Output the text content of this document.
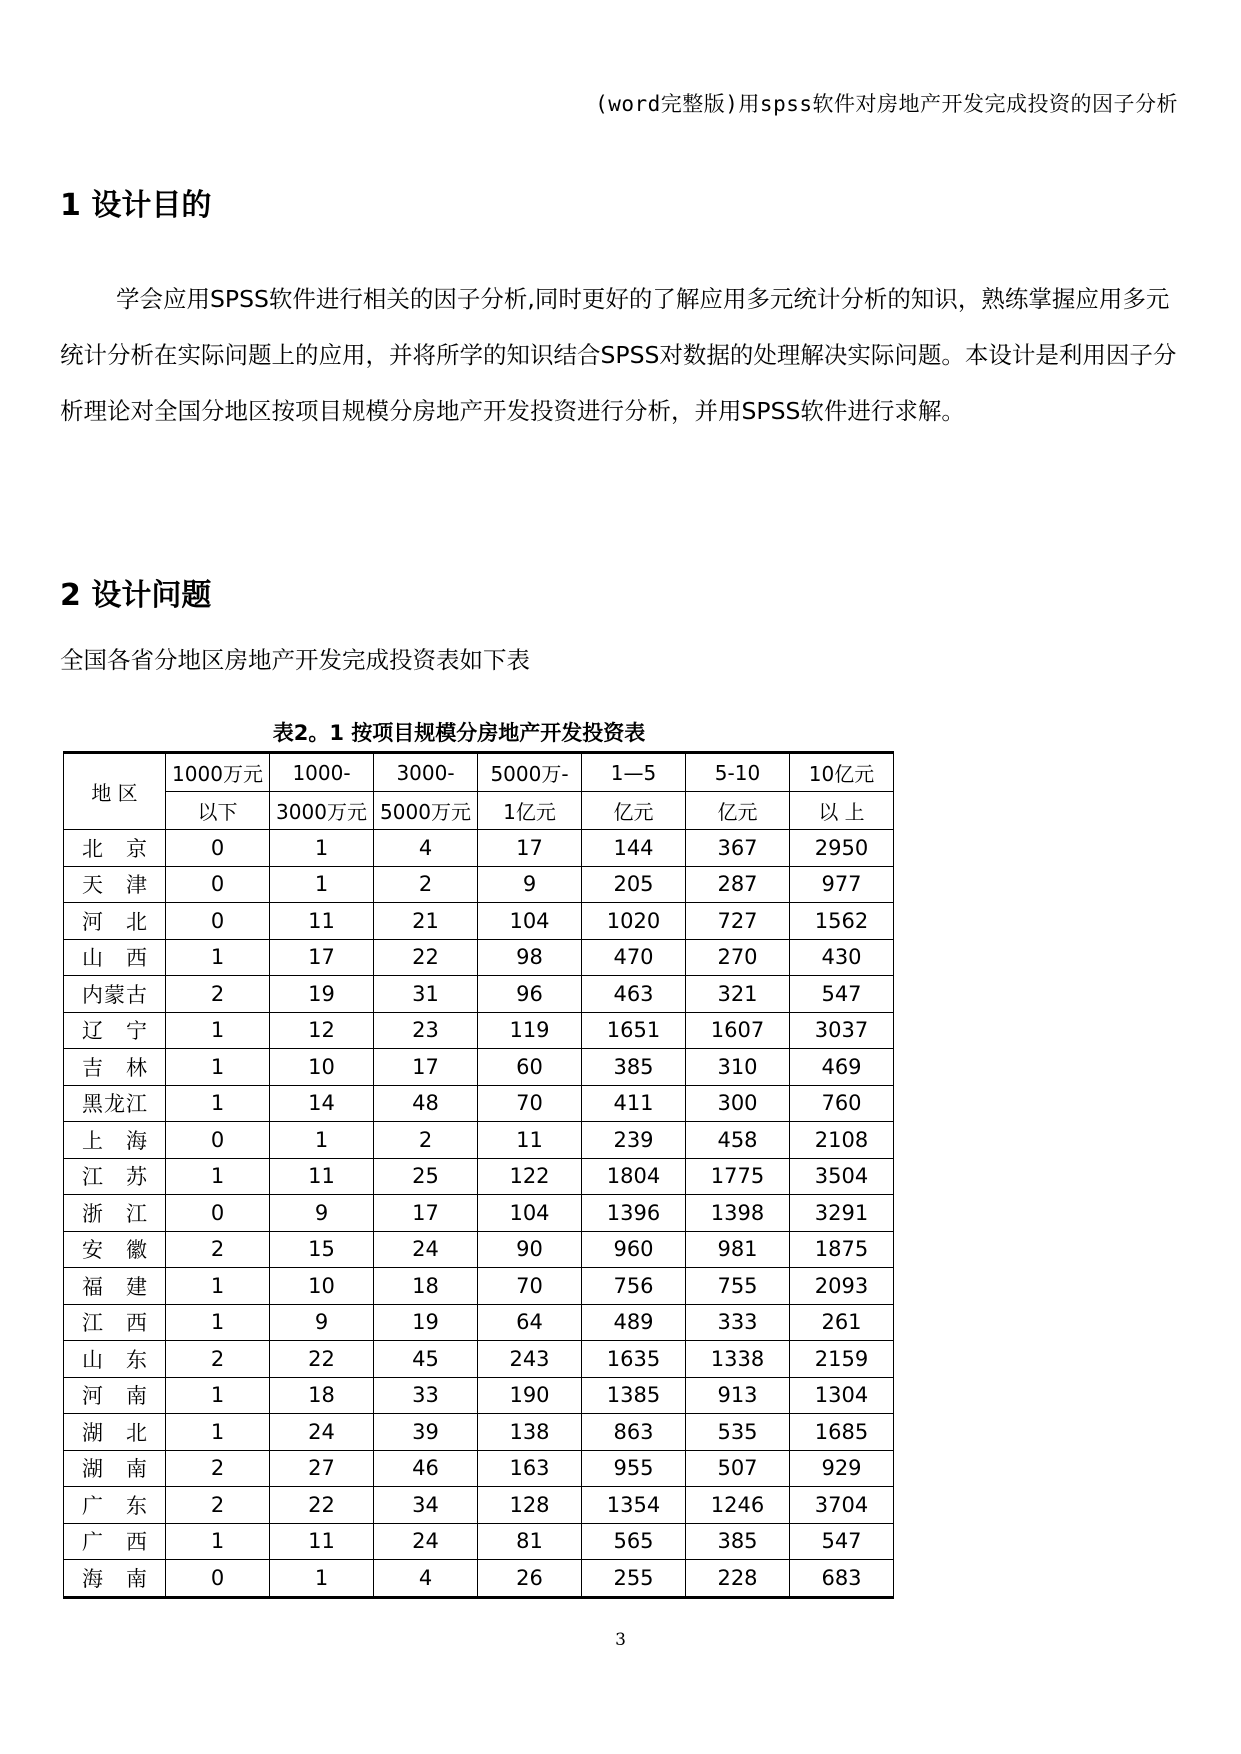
(word完整版)用spss软件对房地产开发完成投资的因子分析
1 设计目的

学会应用SPSS软件进行相关的因子分析,同时更好的了解应用多元统计分析的知识，熟练掌握应用多元统计分析在实际问题上的应用，并将所学的知识结合SPSS对数据的处理解决实际问题。本设计是利用因子分析理论对全国分地区按项目规模分房地产开发投资进行分析，并用SPSS软件进行求解。

2 设计问题

全国各省分地区房地产开发完成投资表如下表

表2。1 按项目规模分房地产开发投资表
地 区	1000万元	1000-	3000-	5000万-	1—5	5-10	10亿元
	以下	3000万元	5000万元	1亿元	亿元	亿元	以 上
北京	0	1	4	17	144	367	2950
天津	0	1	2	9	205	287	977
河北	0	11	21	104	1020	727	1562
山西	1	17	22	98	470	270	430
内蒙古	2	19	31	96	463	321	547
辽宁	1	12	23	119	1651	1607	3037
吉林	1	10	17	60	385	310	469
黑龙江	1	14	48	70	411	300	760
上海	0	1	2	11	239	458	2108
江苏	1	11	25	122	1804	1775	3504
浙江	0	9	17	104	1396	1398	3291
安徽	2	15	24	90	960	981	1875
福建	1	10	18	70	756	755	2093
江西	1	9	19	64	489	333	261
山东	2	22	45	243	1635	1338	2159
河南	1	18	33	190	1385	913	1304
湖北	1	24	39	138	863	535	1685
湖南	2	27	46	163	955	507	929
广东	2	22	34	128	1354	1246	3704
广西	1	11	24	81	565	385	547
海南	0	1	4	26	255	228	683
3
